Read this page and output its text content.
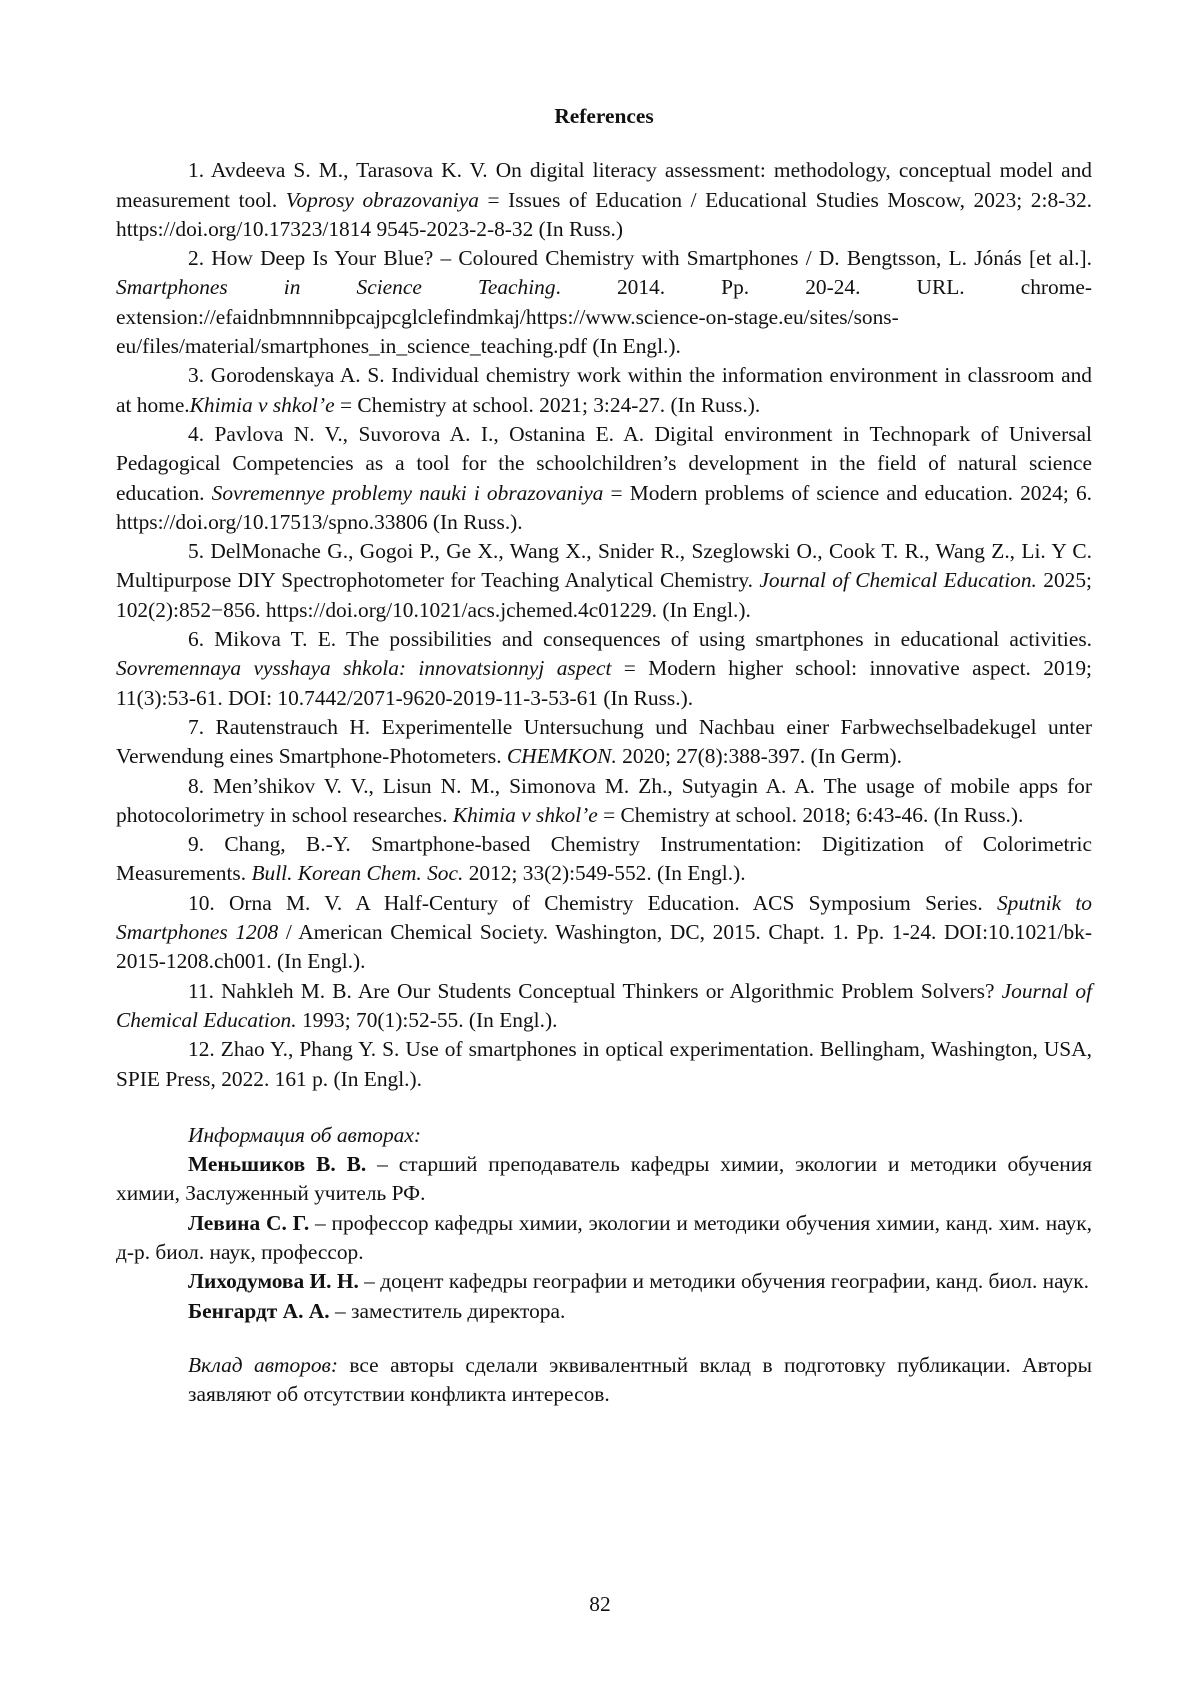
References

1. Avdeeva S. M., Tarasova K. V. On digital literacy assessment: methodology, conceptual model and measurement tool. Voprosy obrazovaniya = Issues of Education / Educational Studies Moscow, 2023; 2:8-32. https://doi.org/10.17323/1814 9545-2023-2-8-32 (In Russ.)

2. How Deep Is Your Blue? – Coloured Chemistry with Smartphones / D. Bengtsson, L. Jónás [et al.]. Smartphones in Science Teaching. 2014. Pp. 20-24. URL. chrome-extension://efaidnbmnnnibpcajpcglclefindmkaj/https://www.science-on-stage.eu/sites/sons-eu/files/material/smartphones_in_science_teaching.pdf (In Engl.).

3. Gorodenskaya A. S. Individual chemistry work within the information environment in classroom and at home.Khimia v shkol’e = Chemistry at school. 2021; 3:24-27. (In Russ.).

4. Pavlova N. V., Suvorova A. I., Ostanina E. A. Digital environment in Technopark of Universal Pedagogical Competencies as a tool for the schoolchildren’s development in the field of natural science education. Sovremennye problemy nauki i obrazovaniya = Modern problems of science and education. 2024; 6. https://doi.org/10.17513/spno.33806 (In Russ.).

5. DelMonache G., Gogoi P., Ge X., Wang X., Snider R., Szeglowski O., Cook T. R., Wang Z., Li. Y C. Multipurpose DIY Spectrophotometer for Teaching Analytical Chemistry. Journal of Chemical Education. 2025; 102(2):852−856. https://doi.org/10.1021/acs.jchemed.4c01229. (In Engl.).

6. Mikova T. E. The possibilities and consequences of using smartphones in educational activities. Sovremennaya vysshaya shkola: innovatsionnyj aspect = Modern higher school: innovative aspect. 2019; 11(3):53-61. DOI: 10.7442/2071-9620-2019-11-3-53-61 (In Russ.).

7. Rautenstrauch H. Experimentelle Untersuchung und Nachbau einer Farbwechselbadekugel unter Verwendung eines Smartphone-Photometers. CHEMKON. 2020; 27(8):388-397. (In Germ).

8. Men’shikov V. V., Lisun N. M., Simonova M. Zh., Sutyagin A. A. The usage of mobile apps for photocolorimetry in school researches. Khimia v shkol’e = Chemistry at school. 2018; 6:43-46. (In Russ.).

9. Chang, B.-Y. Smartphone-based Chemistry Instrumentation: Digitization of Colorimetric Measurements. Bull. Korean Chem. Soc. 2012; 33(2):549-552. (In Engl.).

10. Orna M. V. A Half-Century of Chemistry Education. ACS Symposium Series. Sputnik to Smartphones 1208 / American Chemical Society. Washington, DC, 2015. Chapt. 1. Pp. 1-24. DOI:10.1021/bk-2015-1208.ch001. (In Engl.).

11. Nahkleh M. B. Are Our Students Conceptual Thinkers or Algorithmic Problem Solvers? Journal of Chemical Education. 1993; 70(1):52-55. (In Engl.).

12. Zhao Y., Phang Y. S. Use of smartphones in optical experimentation. Bellingham, Washington, USA, SPIE Press, 2022. 161 p. (In Engl.).

Информация об авторах:

Меньшиков В. В. – старший преподаватель кафедры химии, экологии и методики обучения химии, Заслуженный учитель РФ.

Левина С. Г. – профессор кафедры химии, экологии и методики обучения химии, канд. хим. наук, д-р. биол. наук, профессор.

Лиходумова И. Н. – доцент кафедры географии и методики обучения географии, канд. биол. наук.

Бенгардт А. А. – заместитель директора.

Вклад авторов: все авторы сделали эквивалентный вклад в подготовку публикации. Авторы заявляют об отсутствии конфликта интересов.

82
